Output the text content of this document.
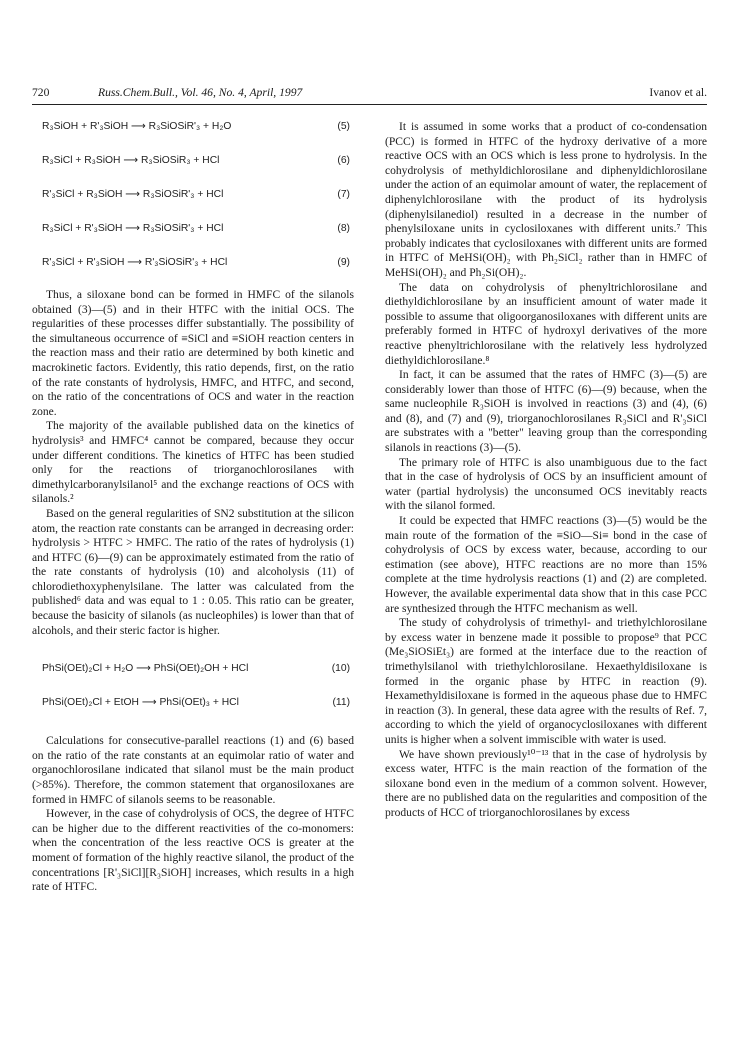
720	Russ.Chem.Bull., Vol. 46, No. 4, April, 1997	Ivanov et al.
R₃SiOH + R'₃SiOH ⟶ R₃SiOSiR'₃ + H₂O	(5)
R₃SiCl + R₃SiOH ⟶ R₃SiOSiR₃ + HCl	(6)
R'₃SiCl + R₃SiOH ⟶ R₃SiOSiR'₃ + HCl	(7)
R₃SiCl + R'₃SiOH ⟶ R₃SiOSiR'₃ + HCl	(8)
R'₃SiCl + R'₃SiOH ⟶ R'₃SiOSiR'₃ + HCl	(9)

Thus, a siloxane bond can be formed in HMFC of the silanols obtained (3)—(5) and in their HTFC with the initial OCS. The regularities of these processes differ substantially. The possibility of the simultaneous occurrence of ≡SiCl and ≡SiOH reaction centers in the reaction mass and their ratio are determined by both kinetic and macrokinetic factors. Evidently, this ratio depends, first, on the ratio of the rate constants of hydrolysis, HMFC, and HTFC, and second, on the ratio of the concentrations of OCS and water in the reaction zone.

The majority of the available published data on the kinetics of hydrolysis³ and HMFC⁴ cannot be compared, because they occur under different conditions. The kinetics of HTFC has been studied only for the reactions of triorganochlorosilanes with dimethylcarboranylsilanol⁵ and the exchange reactions of OCS with silanols.²

Based on the general regularities of SN2 substitution at the silicon atom, the reaction rate constants can be arranged in decreasing order: hydrolysis > HTFC > HMFC. The ratio of the rates of hydrolysis (1) and HTFC (6)—(9) can be approximately estimated from the ratio of the rate constants of hydrolysis (10) and alcoholysis (11) of chlorodiethoxyphenylsilane. The latter was calculated from the published⁶ data and was equal to 1 : 0.05. This ratio can be greater, because the basicity of silanols (as nucleophiles) is lower than that of alcohols, and their steric factor is higher.

PhSi(OEt)₂Cl + H₂O ⟶ PhSi(OEt)₂OH + HCl	(10)
PhSi(OEt)₂Cl + EtOH ⟶ PhSi(OEt)₃ + HCl	(11)

Calculations for consecutive-parallel reactions (1) and (6) based on the ratio of the rate constants at an equimolar ratio of water and organochlorosilane indicated that silanol must be the main product (>85%). Therefore, the common statement that organosiloxanes are formed in HMFC of silanols seems to be reasonable.

However, in the case of cohydrolysis of OCS, the degree of HTFC can be higher due to the different reactivities of the co-monomers: when the concentration of the less reactive OCS is greater at the moment of formation of the highly reactive silanol, the product of the concentrations [R'₃SiCl][R₃SiOH] increases, which results in a high rate of HTFC.

It is assumed in some works that a product of co-condensation (PCC) is formed in HTFC of the hydroxy derivative of a more reactive OCS with an OCS which is less prone to hydrolysis. In the cohydrolysis of methyldichlorosilane and diphenyldichlorosilane under the action of an equimolar amount of water, the replacement of diphenylchlorosilane with the product of its hydrolysis (diphenylsilanediol) resulted in a decrease in the number of phenylsiloxane units in cyclosiloxanes with different units.⁷ This probably indicates that cyclosiloxanes with different units are formed in HTFC of MeHSi(OH)₂ with Ph₂SiCl₂ rather than in HMFC of MeHSi(OH)₂ and Ph₂Si(OH)₂.

The data on cohydrolysis of phenyltrichlorosilane and diethyldichlorosilane by an insufficient amount of water made it possible to assume that oligoorganosiloxanes with different units are preferably formed in HTFC of hydroxyl derivatives of the more reactive phenyltrichlorosilane with the relatively less hydrolyzed diethyldichlorosilane.⁸

In fact, it can be assumed that the rates of HMFC (3)—(5) are considerably lower than those of HTFC (6)—(9) because, when the same nucleophile R₃SiOH is involved in reactions (3) and (4), (6) and (8), and (7) and (9), triorganochlorosilanes R₃SiCl and R'₃SiCl are substrates with a "better" leaving group than the corresponding silanols in reactions (3)—(5).

The primary role of HTFC is also unambiguous due to the fact that in the case of hydrolysis of OCS by an insufficient amount of water (partial hydrolysis) the unconsumed OCS inevitably reacts with the silanol formed.

It could be expected that HMFC reactions (3)—(5) would be the main route of the formation of the ≡SiO—Si≡ bond in the case of cohydrolysis of OCS by excess water, because, according to our estimation (see above), HTFC reactions are no more than 15% complete at the time hydrolysis reactions (1) and (2) are completed. However, the available experimental data show that in this case PCC are synthesized through the HTFC mechanism as well.

The study of cohydrolysis of trimethyl- and triethylchlorosilane by excess water in benzene made it possible to propose⁹ that PCC (Me₃SiOSiEt₃) are formed at the interface due to the reaction of trimethylsilanol with triethylchlorosilane. Hexaethyldisiloxane is formed in the organic phase by HTFC in reaction (9). Hexamethyldisiloxane is formed in the aqueous phase due to HMFC in reaction (3). In general, these data agree with the results of Ref. 7, according to which the yield of organocyclosiloxanes with different units is higher when a solvent immiscible with water is used.

We have shown previously¹⁰⁻¹³ that in the case of hydrolysis by excess water, HTFC is the main reaction of the formation of the siloxane bond even in the medium of a common solvent. However, there are no published data on the regularities and composition of the products of HCC of triorganochlorosilanes by excess
